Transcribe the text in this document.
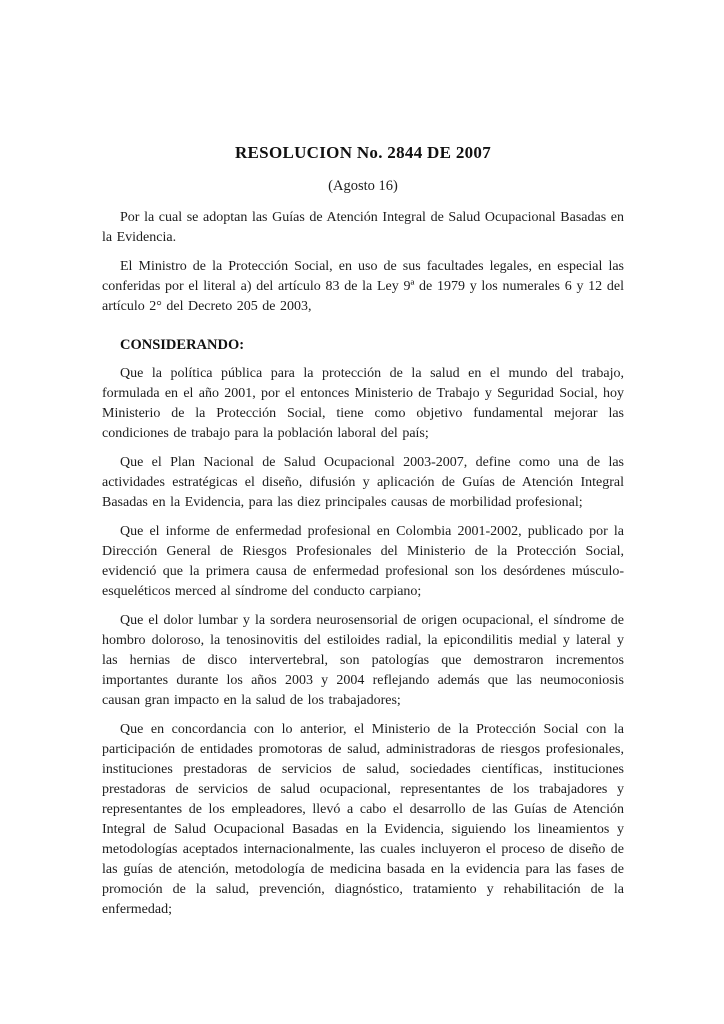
RESOLUCION No. 2844 DE 2007
(Agosto 16)

Por la cual se adoptan las Guías de Atención Integral de Salud Ocupacional Basadas en la Evidencia.

El Ministro de la Protección Social, en uso de sus facultades legales, en especial las conferidas por el literal a) del artículo 83 de la Ley 9ª de 1979 y los numerales 6 y 12 del artículo 2° del Decreto 205 de 2003,

CONSIDERANDO:

Que la política pública para la protección de la salud en el mundo del trabajo, formulada en el año 2001, por el entonces Ministerio de Trabajo y Seguridad Social, hoy Ministerio de la Protección Social, tiene como objetivo fundamental mejorar las condiciones de trabajo para la población laboral del país;

Que el Plan Nacional de Salud Ocupacional 2003-2007, define como una de las actividades estratégicas el diseño, difusión y aplicación de Guías de Atención Integral Basadas en la Evidencia, para las diez principales causas de morbilidad profesional;

Que el informe de enfermedad profesional en Colombia 2001-2002, publicado por la Dirección General de Riesgos Profesionales del Ministerio de la Protección Social, evidenció que la primera causa de enfermedad profesional son los desórdenes músculo-esqueléticos merced al síndrome del conducto carpiano;

Que el dolor lumbar y la sordera neurosensorial de origen ocupacional, el síndrome de hombro doloroso, la tenosinovitis del estiloides radial, la epicondilitis medial y lateral y las hernias de disco intervertebral, son patologías que demostraron incrementos importantes durante los años 2003 y 2004 reflejando además que las neumoconiosis causan gran impacto en la salud de los trabajadores;

Que en concordancia con lo anterior, el Ministerio de la Protección Social con la participación de entidades promotoras de salud, administradoras de riesgos profesionales, instituciones prestadoras de servicios de salud, sociedades científicas, instituciones prestadoras de servicios de salud ocupacional, representantes de los trabajadores y representantes de los empleadores, llevó a cabo el desarrollo de las Guías de Atención Integral de Salud Ocupacional Basadas en la Evidencia, siguiendo los lineamientos y metodologías aceptados internacionalmente, las cuales incluyeron el proceso de diseño de las guías de atención, metodología de medicina basada en la evidencia para las fases de promoción de la salud, prevención, diagnóstico, tratamiento y rehabilitación de la enfermedad;
